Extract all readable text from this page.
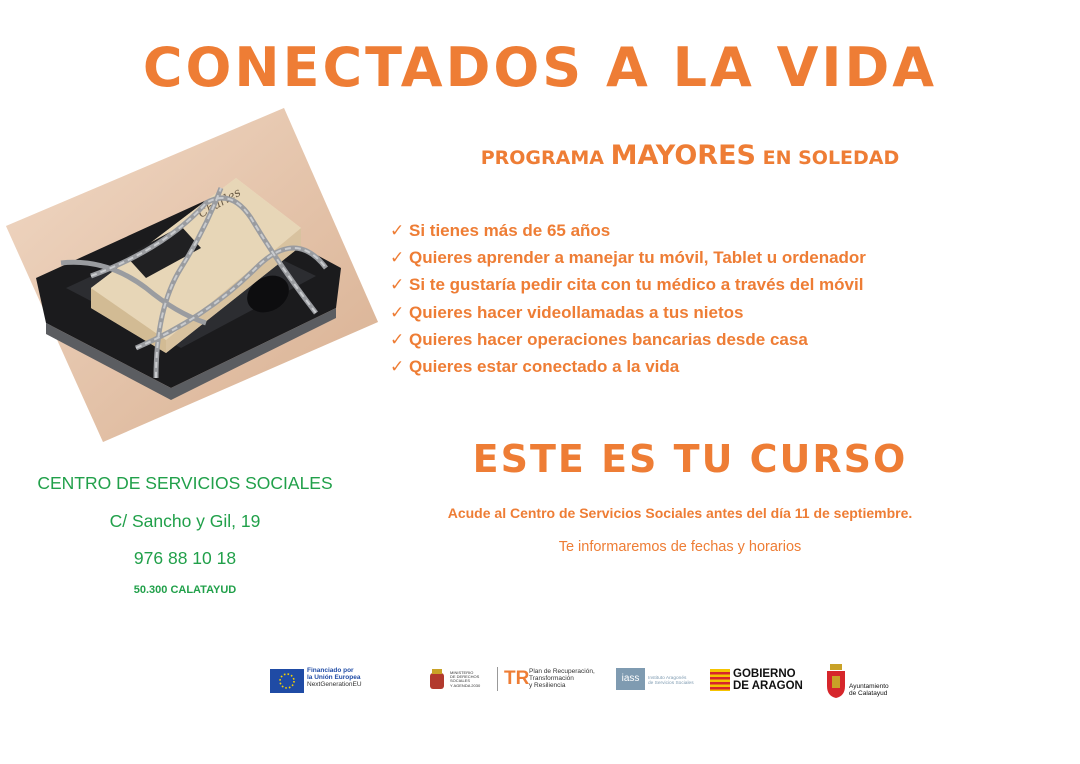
CONECTADOS A LA VIDA
PROGRAMA MAYORES EN SOLEDAD
Charles
✓ Si tienes más de 65 años
✓ Quieres aprender a manejar tu móvil, Tablet u ordenador
✓ Si te gustaría pedir cita con tu médico a través del móvil
✓ Quieres hacer videollamadas a tus nietos
✓ Quieres hacer operaciones bancarias desde casa
✓ Quieres estar conectado a la vida
ESTE ES TU CURSO
Acude al Centro de Servicios Sociales antes del día 11 de septiembre.
Te informaremos de fechas y horarios
CENTRO DE SERVICIOS SOCIALES
C/ Sancho y Gil, 19
976 88 10 18
50.300 CALATAYUD
Financiado por
la Unión Europea
NextGenerationEU
MINISTERIO
DE DERECHOS SOCIALES
Y AGENDA 2030	TR Plan de Recuperación,
Transformación
y Resiliencia
iass	Instituto Aragonés
de Servicios Sociales
GOBIERNO
DE ARAGON	Ayuntamiento
de Calatayud
